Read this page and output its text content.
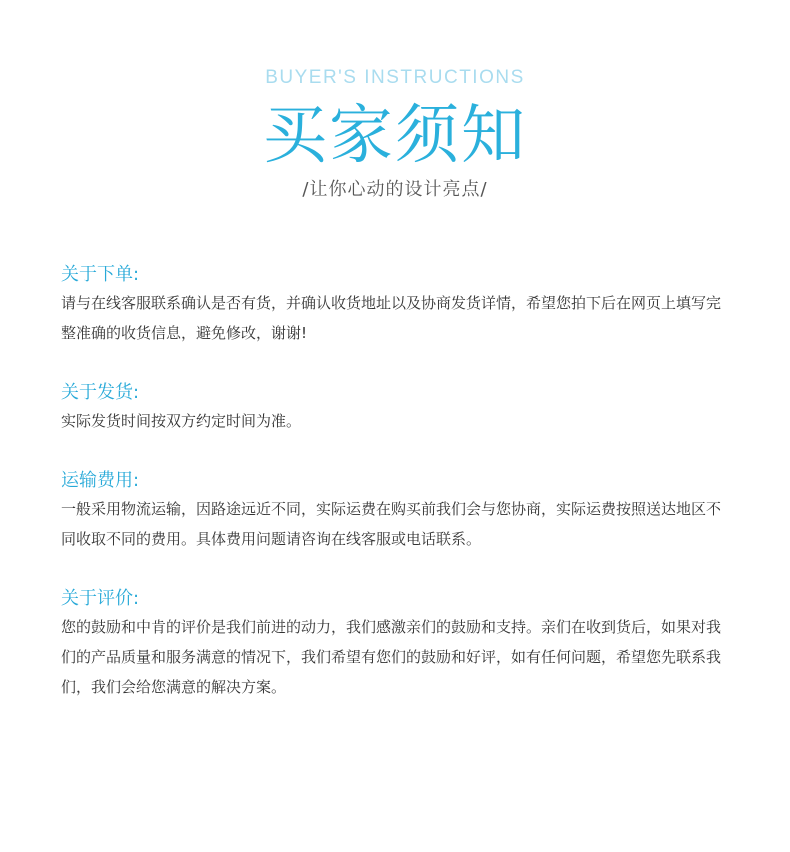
BUYER'S INSTRUCTIONS
买家须知
/让你心动的设计亮点/

关于下单:

请与在线客服联系确认是否有货，并确认收货地址以及协商发货详情，希望您拍下后在网页上填写完整准确的收货信息，避免修改，谢谢!

关于发货:

实际发货时间按双方约定时间为准。

运输费用:

一般采用物流运输，因路途远近不同，实际运费在购买前我们会与您协商，实际运费按照送达地区不同收取不同的费用。具体费用问题请咨询在线客服或电话联系。

关于评价:

您的鼓励和中肯的评价是我们前进的动力，我们感激亲们的鼓励和支持。亲们在收到货后，如果对我们的产品质量和服务满意的情况下，我们希望有您们的鼓励和好评，如有任何问题，希望您先联系我们，我们会给您满意的解决方案。
